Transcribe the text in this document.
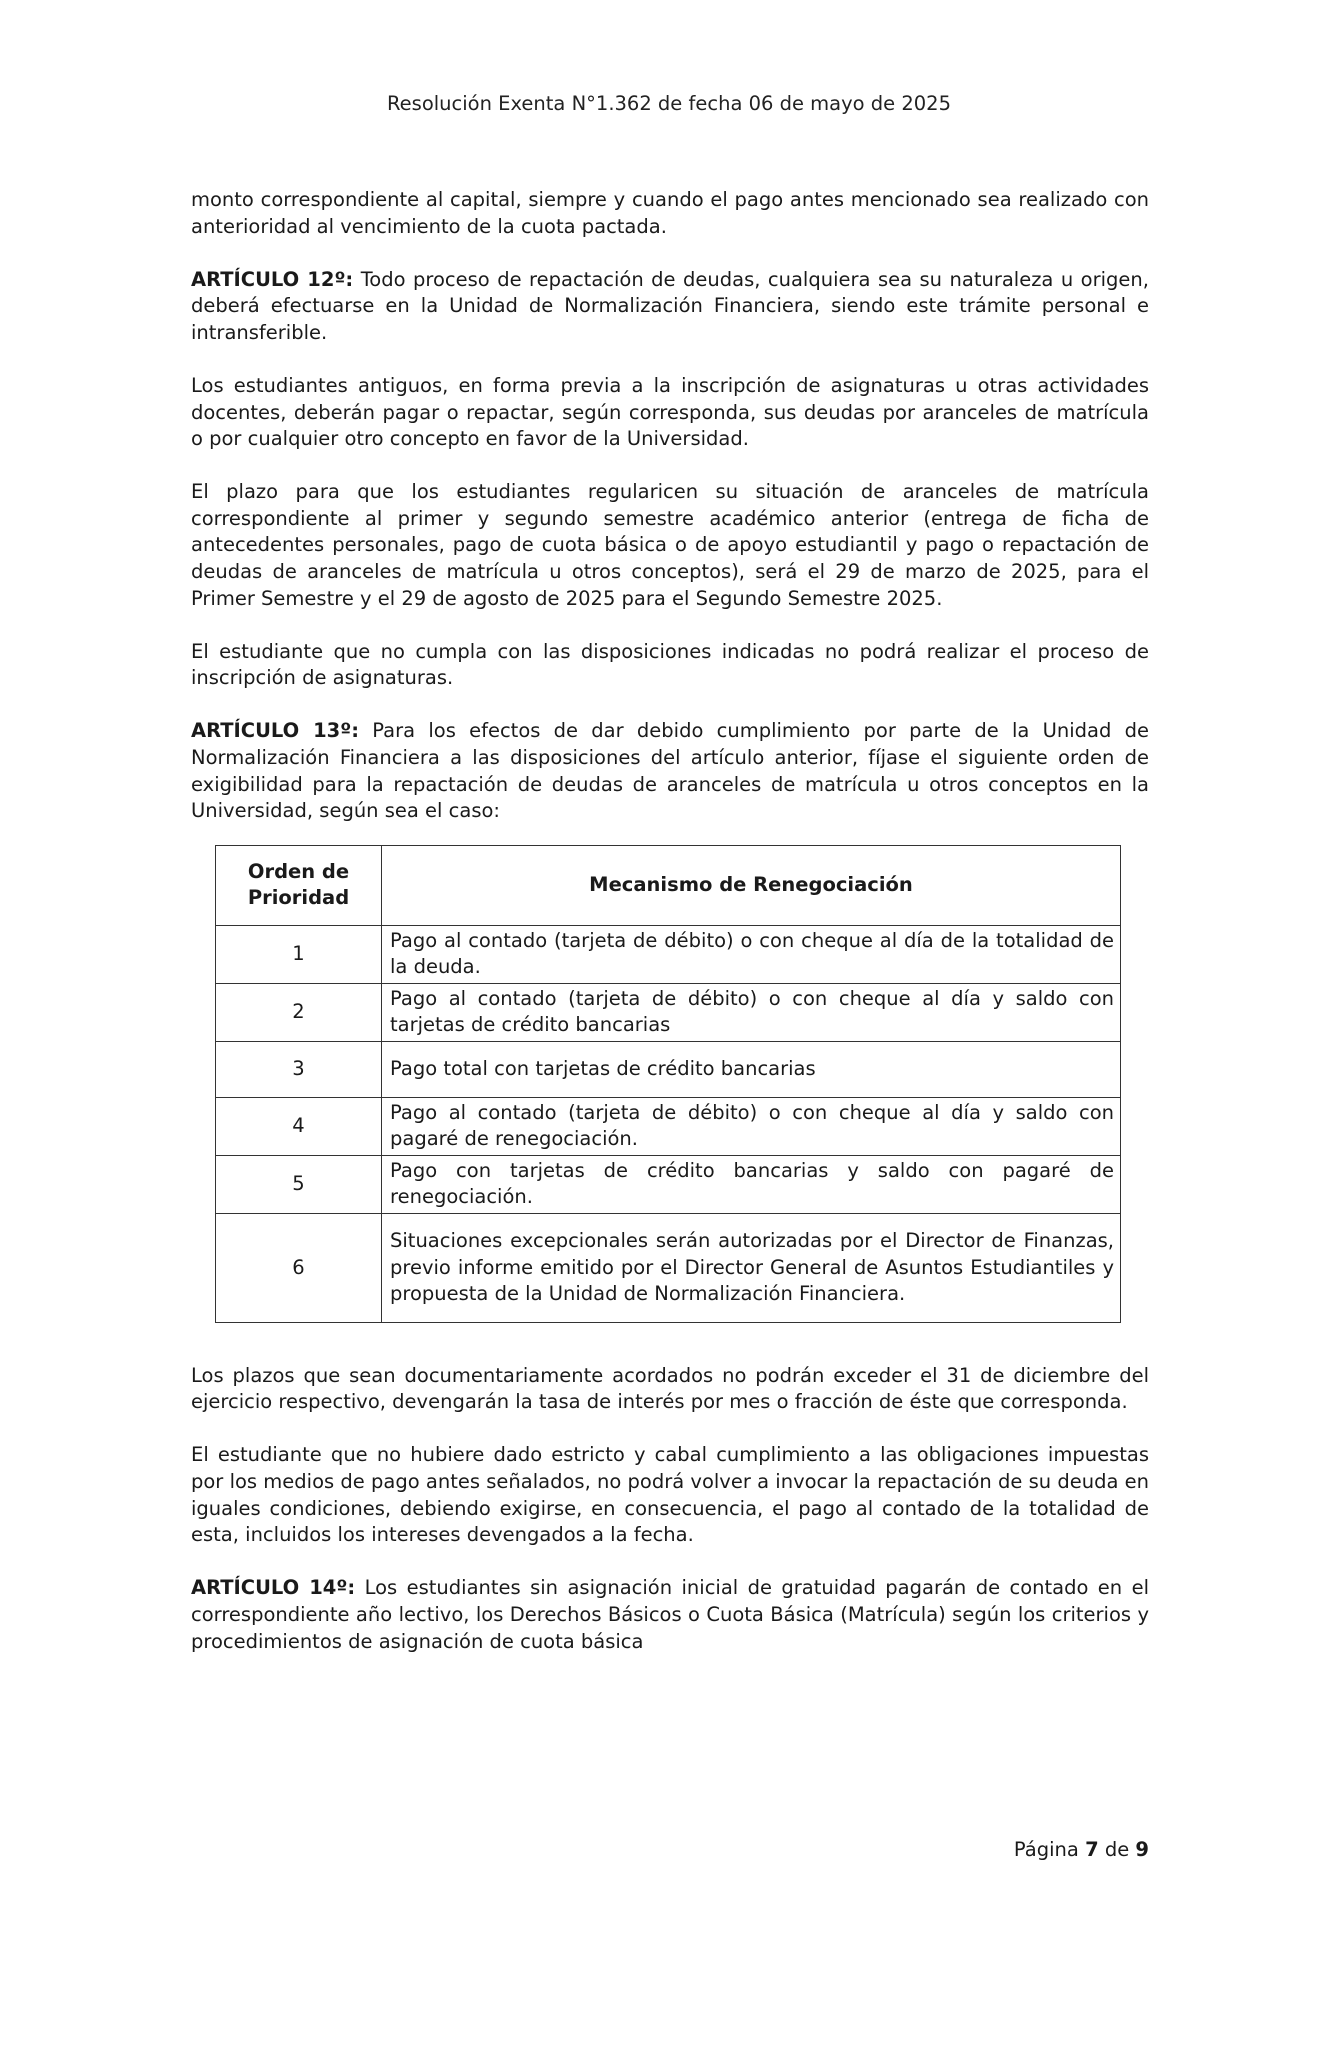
Resolución Exenta N°1.362 de fecha 06 de mayo de 2025

monto correspondiente al capital, siempre y cuando el pago antes mencionado sea realizado con anterioridad al vencimiento de la cuota pactada.

ARTÍCULO 12º: Todo proceso de repactación de deudas, cualquiera sea su naturaleza u origen, deberá efectuarse en la Unidad de Normalización Financiera, siendo este trámite personal e intransferible.

Los estudiantes antiguos, en forma previa a la inscripción de asignaturas u otras actividades docentes, deberán pagar o repactar, según corresponda, sus deudas por aranceles de matrícula o por cualquier otro concepto en favor de la Universidad.

El plazo para que los estudiantes regularicen su situación de aranceles de matrícula correspondiente al primer y segundo semestre académico anterior (entrega de ficha de antecedentes personales, pago de cuota básica o de apoyo estudiantil y pago o repactación de deudas de aranceles de matrícula u otros conceptos), será el 29 de marzo de 2025, para el Primer Semestre y el 29 de agosto de 2025 para el Segundo Semestre 2025.

El estudiante que no cumpla con las disposiciones indicadas no podrá realizar el proceso de inscripción de asignaturas.

ARTÍCULO 13º: Para los efectos de dar debido cumplimiento por parte de la Unidad de Normalización Financiera a las disposiciones del artículo anterior, fíjase el siguiente orden de exigibilidad para la repactación de deudas de aranceles de matrícula u otros conceptos en la Universidad, según sea el caso:

Orden de
Prioridad	Mecanismo de Renegociación
1	Pago al contado (tarjeta de débito) o con cheque al día de la totalidad de la deuda.
2	Pago al contado (tarjeta de débito) o con cheque al día y saldo con tarjetas de crédito bancarias
3	Pago total con tarjetas de crédito bancarias
4	Pago al contado (tarjeta de débito) o con cheque al día y saldo con pagaré de renegociación.
5	Pago con tarjetas de crédito bancarias y saldo con pagaré de renegociación.
6	Situaciones excepcionales serán autorizadas por el Director de Finanzas, previo informe emitido por el Director General de Asuntos Estudiantiles y propuesta de la Unidad de Normalización Financiera.

Los plazos que sean documentariamente acordados no podrán exceder el 31 de diciembre del ejercicio respectivo, devengarán la tasa de interés por mes o fracción de éste que corresponda.

El estudiante que no hubiere dado estricto y cabal cumplimiento a las obligaciones impuestas por los medios de pago antes señalados, no podrá volver a invocar la repactación de su deuda en iguales condiciones, debiendo exigirse, en consecuencia, el pago al contado de la totalidad de esta, incluidos los intereses devengados a la fecha.

ARTÍCULO 14º: Los estudiantes sin asignación inicial de gratuidad pagarán de contado en el correspondiente año lectivo, los Derechos Básicos o Cuota Básica (Matrícula) según los criterios y procedimientos de asignación de cuota básica

Página 7 de 9
